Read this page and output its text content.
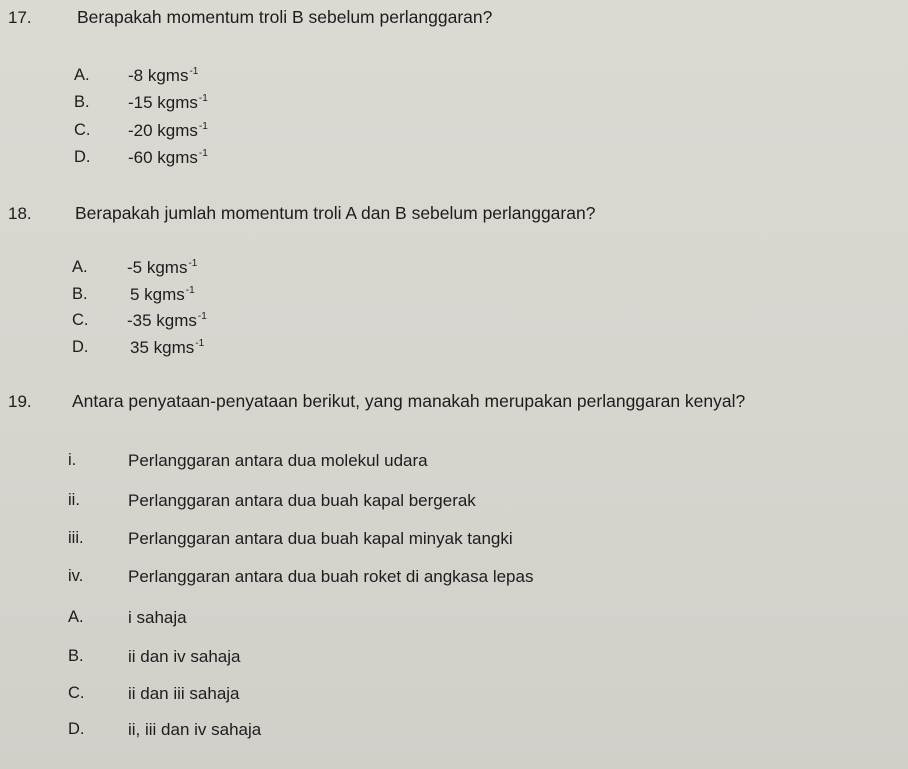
17.	Berapakah momentum troli B sebelum perlanggaran?
A. -8 kgms$^{-1}$
B. -15 kgms$^{-1}$
C. -20 kgms$^{-1}$
D. -60 kgms$^{-1}$
18. Berapakah jumlah momentum troli A dan B sebelum perlanggaran?
A. -5 kgms$^{-1}$
B. 5 kgms$^{-1}$
C. -35 kgms$^{-1}$
D. 35 kgms$^{-1}$
19. Antara penyataan-penyataan berikut, yang manakah merupakan perlanggaran kenyal?
i.	Perlanggaran antara dua molekul udara
ii.	Perlanggaran antara dua buah kapal bergerak
iii.	Perlanggaran antara dua buah kapal minyak tangki
iv.	Perlanggaran antara dua buah roket di angkasa lepas
A.	i sahaja
B.	ii dan iv sahaja
C.	ii dan iii sahaja
D.	ii, iii dan iv sahaja
